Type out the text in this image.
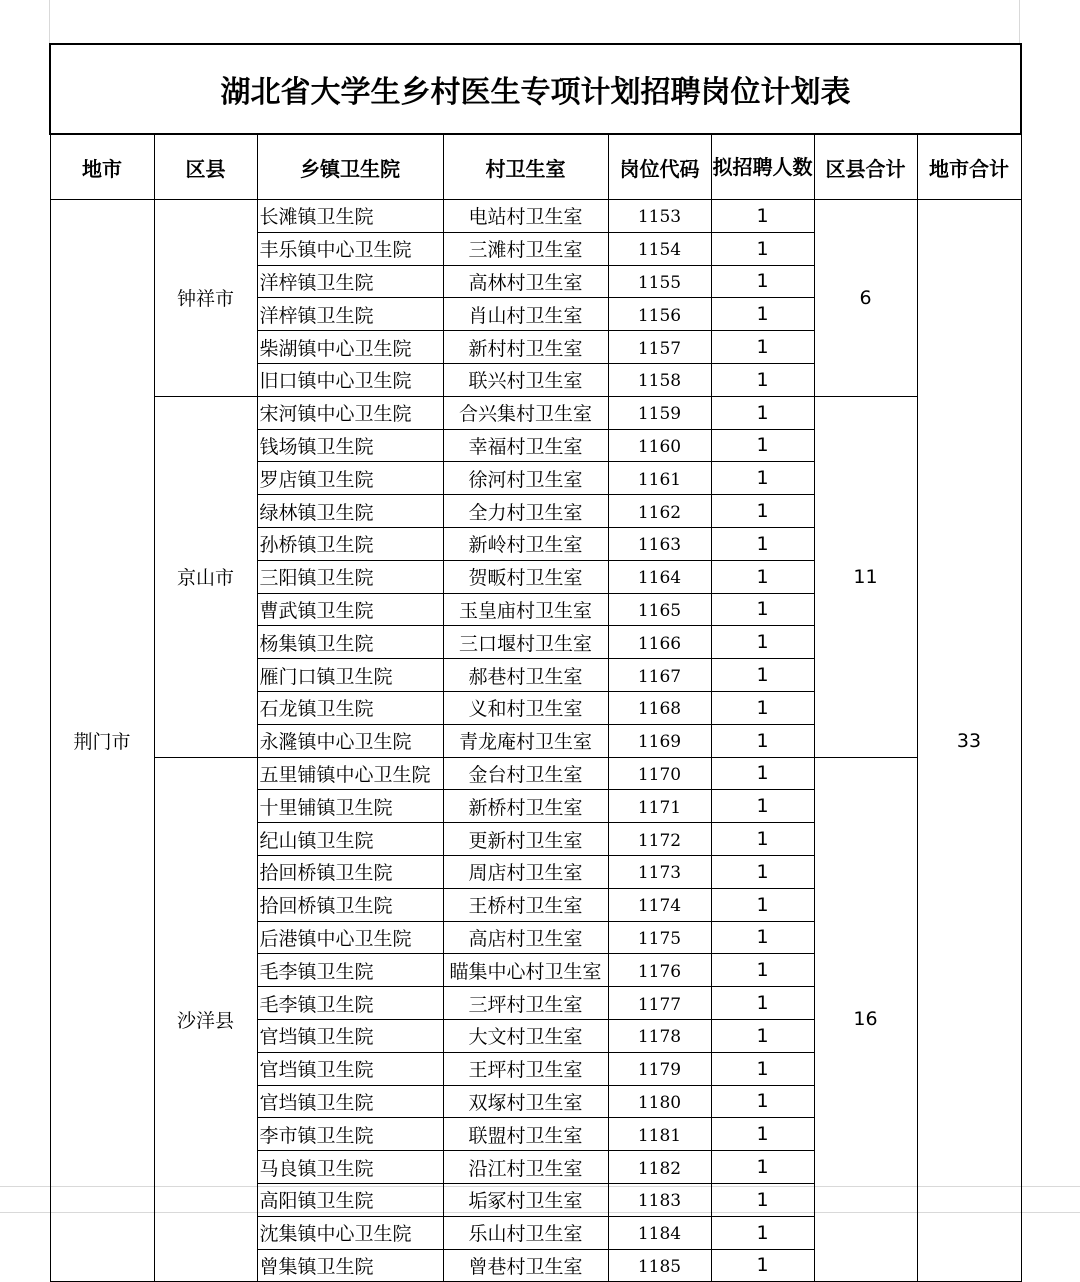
湖北省大学生乡村医生专项计划招聘岗位计划表							
地市	区县	乡镇卫生院	村卫生室	岗位代码	拟招聘人数	区县合计	地市合计
荆门市	钟祥市	长滩镇卫生院	电站村卫生室	1153	1	6	33
		丰乐镇中心卫生院	三滩村卫生室	1154	1		
		洋梓镇卫生院	高林村卫生室	1155	1		
		洋梓镇卫生院	肖山村卫生室	1156	1		
		柴湖镇中心卫生院	新村村卫生室	1157	1		
		旧口镇中心卫生院	联兴村卫生室	1158	1		
	京山市	宋河镇中心卫生院	合兴集村卫生室	1159	1	11	
		钱场镇卫生院	幸福村卫生室	1160	1		
		罗店镇卫生院	徐河村卫生室	1161	1		
		绿林镇卫生院	全力村卫生室	1162	1		
		孙桥镇卫生院	新岭村卫生室	1163	1		
		三阳镇卫生院	贺畈村卫生室	1164	1		
		曹武镇卫生院	玉皇庙村卫生室	1165	1		
		杨集镇卫生院	三口堰村卫生室	1166	1		
		雁门口镇卫生院	郝巷村卫生室	1167	1		
		石龙镇卫生院	义和村卫生室	1168	1		
		永漋镇中心卫生院	青龙庵村卫生室	1169	1		
	沙洋县	五里铺镇中心卫生院	金台村卫生室	1170	1	16	
		十里铺镇卫生院	新桥村卫生室	1171	1		
		纪山镇卫生院	更新村卫生室	1172	1		
		拾回桥镇卫生院	周店村卫生室	1173	1		
		拾回桥镇卫生院	王桥村卫生室	1174	1		
		后港镇中心卫生院	高店村卫生室	1175	1		
		毛李镇卫生院	瞄集中心村卫生室	1176	1		
		毛李镇卫生院	三坪村卫生室	1177	1		
		官垱镇卫生院	大文村卫生室	1178	1		
		官垱镇卫生院	王坪村卫生室	1179	1		
		官垱镇卫生院	双塚村卫生室	1180	1		
		李市镇卫生院	联盟村卫生室	1181	1		
		马良镇卫生院	沿江村卫生室	1182	1		
		高阳镇卫生院	垢冢村卫生室	1183	1		
		沈集镇中心卫生院	乐山村卫生室	1184	1		
		曾集镇卫生院	曾巷村卫生室	1185	1		
